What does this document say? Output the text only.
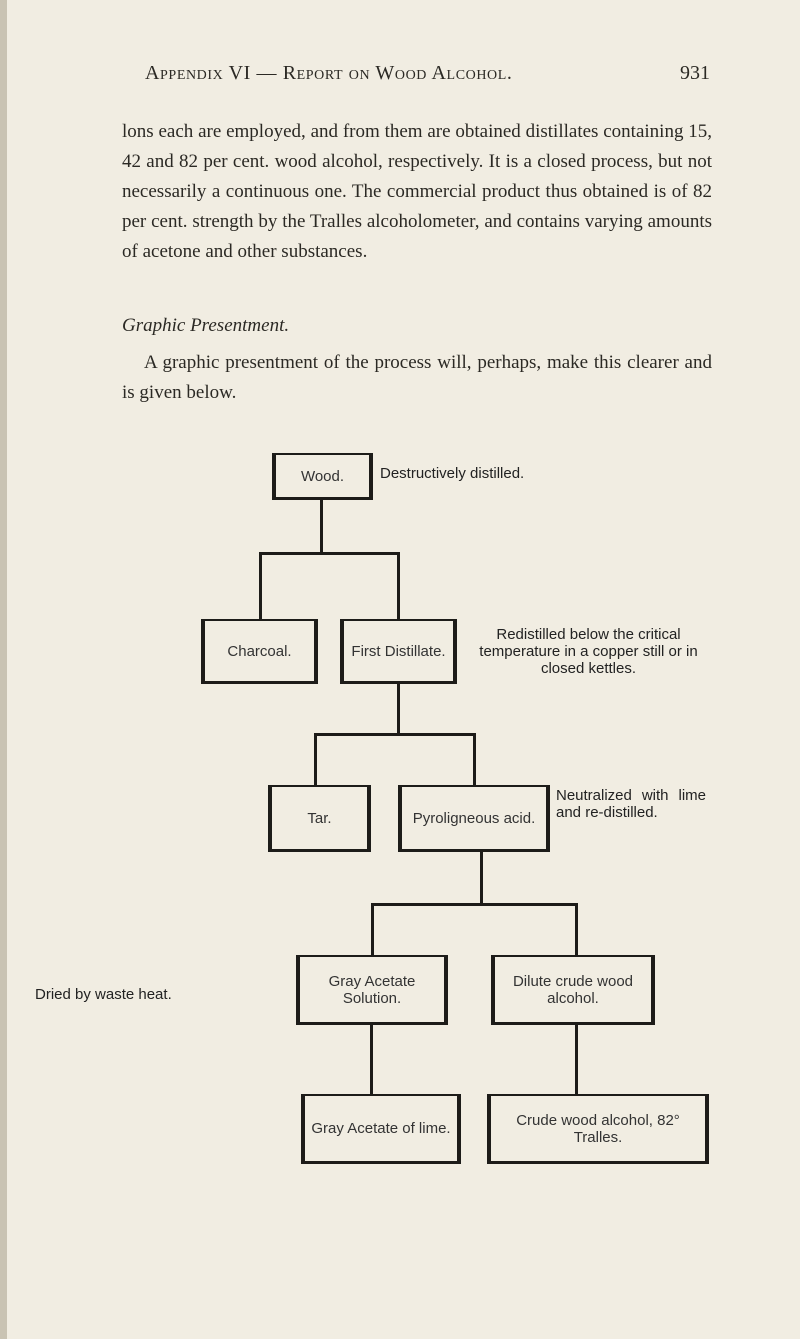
Appendix VI — Report on Wood Alcohol.	931

lons each are employed, and from them are obtained distillates containing 15, 42 and 82 per cent. wood alcohol, respectively. It is a closed process, but not necessarily a continuous one. The commercial product thus obtained is of 82 per cent. strength by the Tralles alcoholometer, and contains varying amounts of acetone and other substances.

Graphic Presentment.

A graphic presentment of the process will, perhaps, make this clearer and is given below.

Wood.	Destructively distilled.
Charcoal.	First Distillate.
Redistilled below the critical temperature in a copper still or in closed kettles.
Tar.	Pyroligneous acid.
Neutralized with lime and re-distilled.
Dried by waste heat.
Gray Acetate Solution.
Dilute crude wood alcohol.
Gray Acetate of lime.	Crude wood alcohol, 82° Tralles.
